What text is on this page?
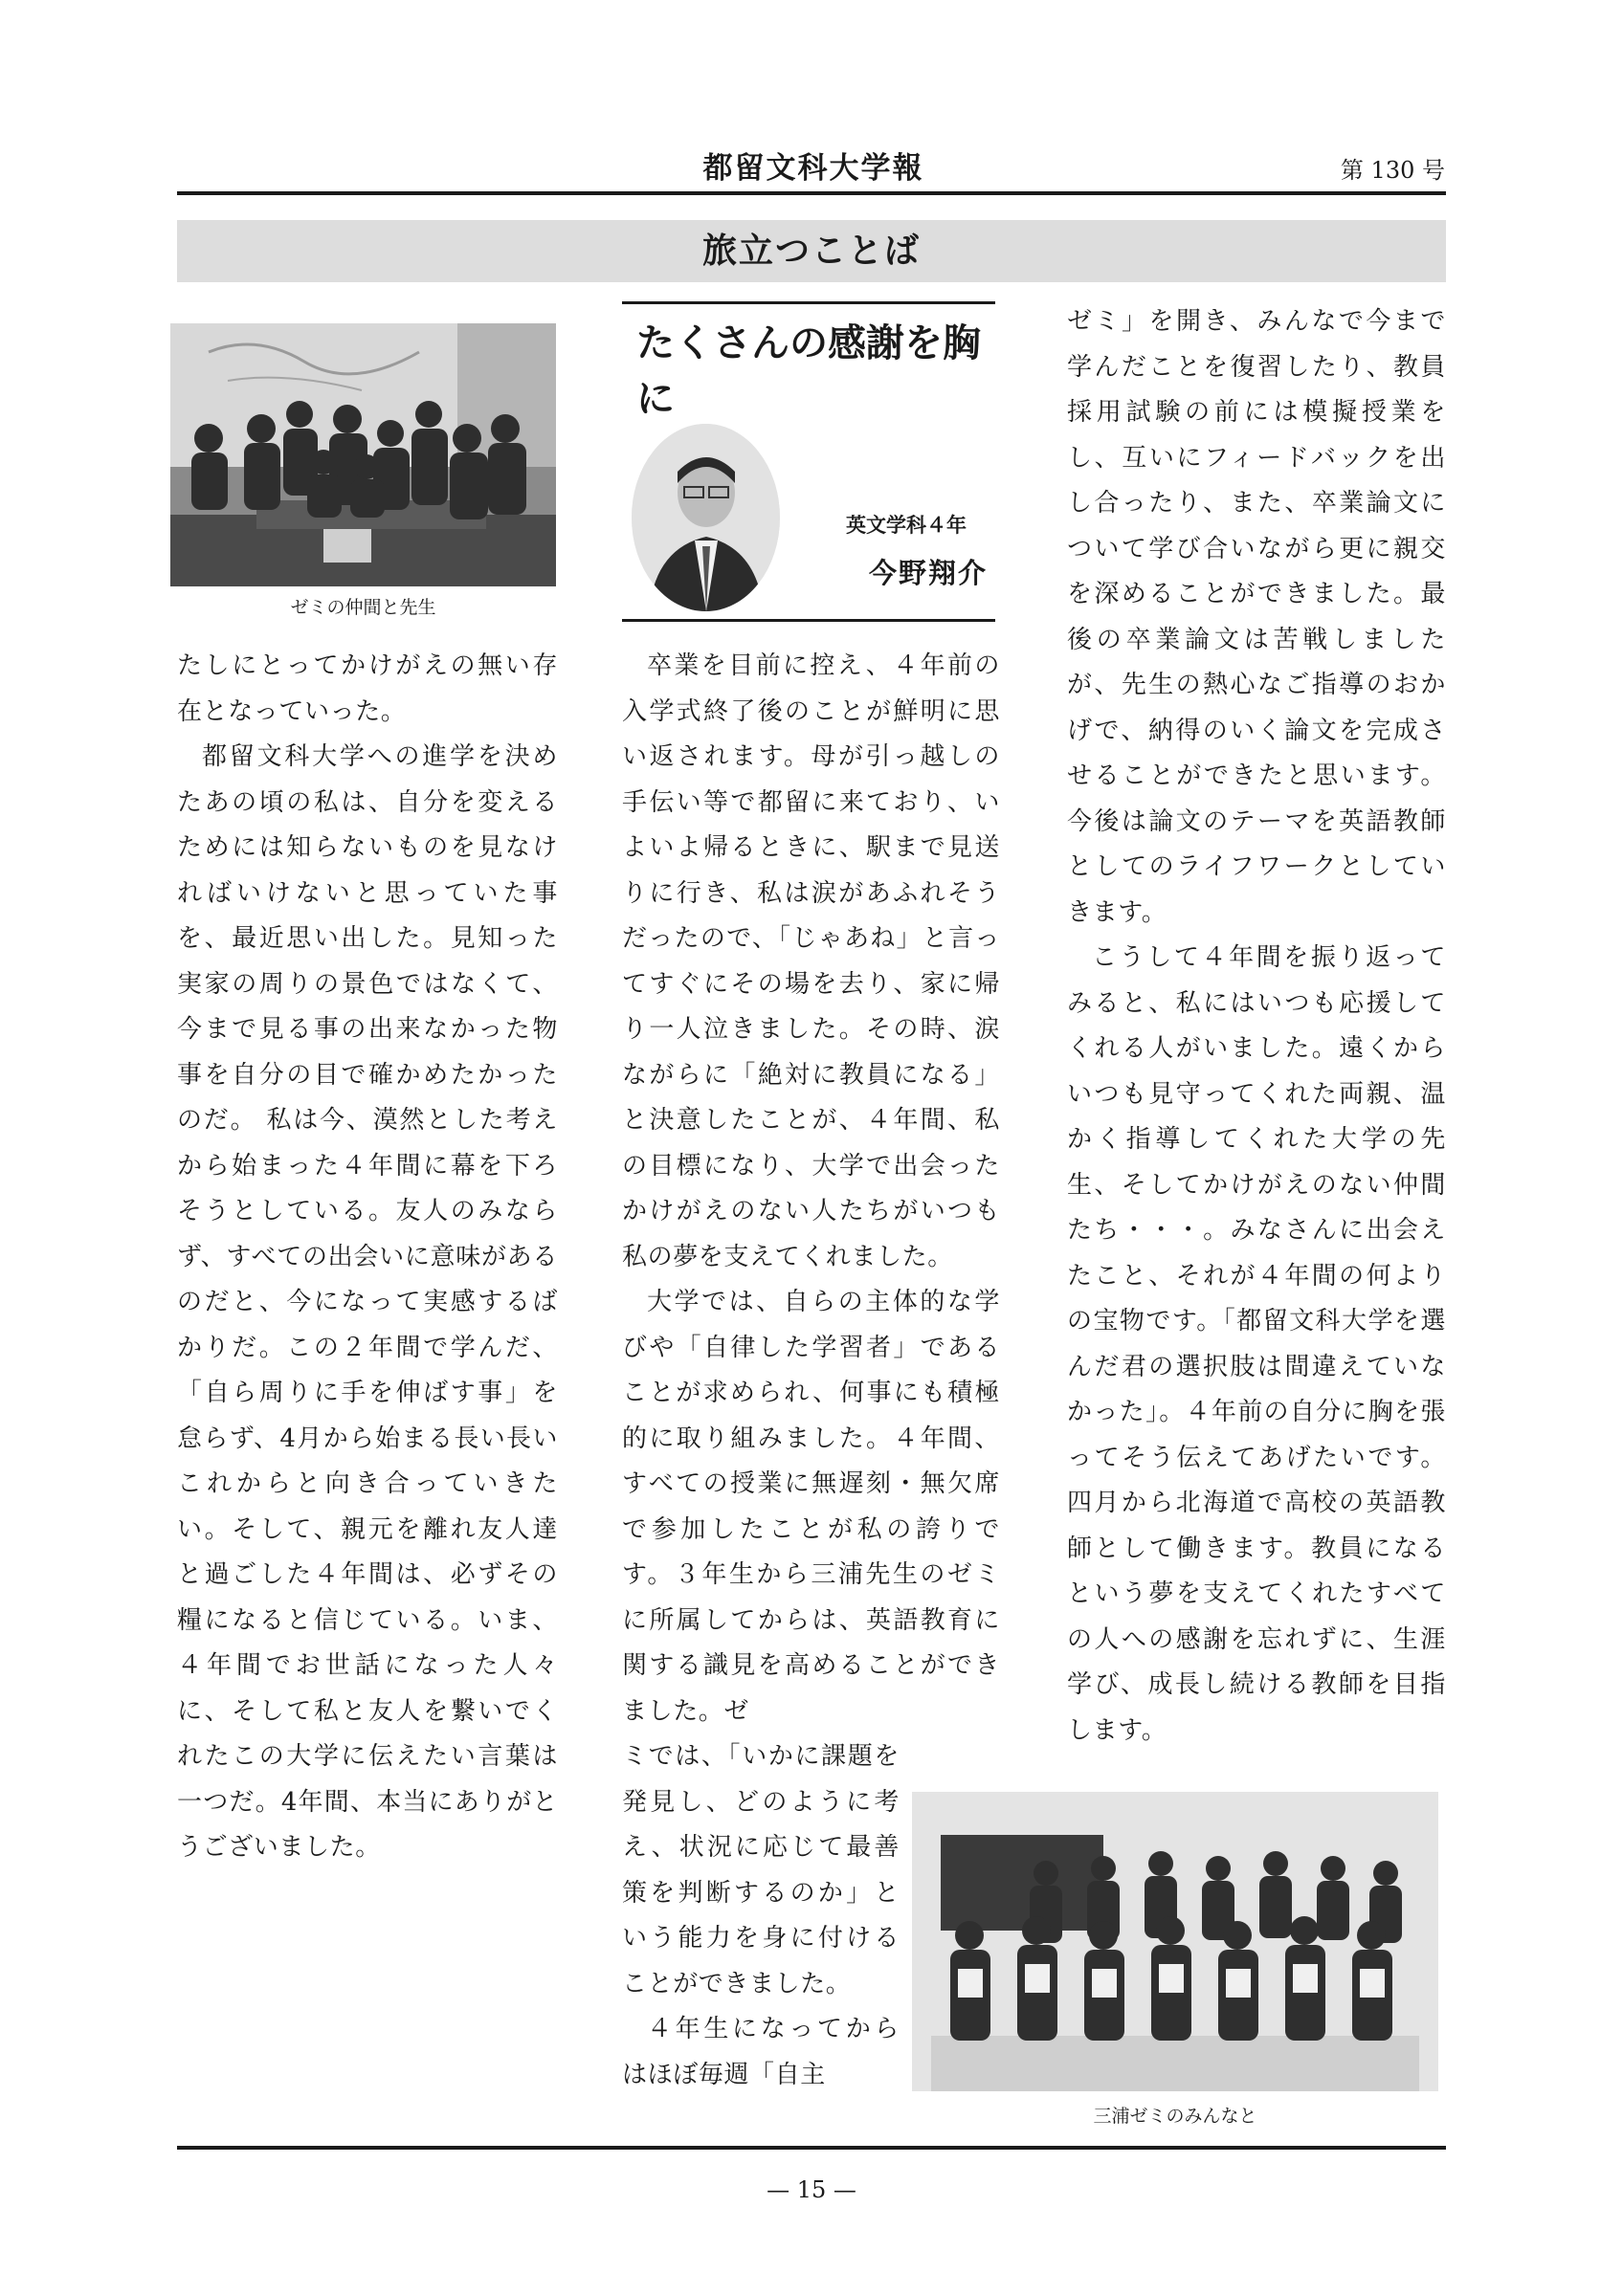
都留文科大学報	第 130 号
旅立つことば
ゼミの仲間と先生

たしにとってかけがえの無い存在となっていった。

都留文科大学への進学を決めたあの頃の私は、自分を変えるためには知らないものを見なければいけないと思っていた事を、最近思い出した。見知った実家の周りの景色ではなくて、今まで見る事の出来なかった物事を自分の目で確かめたかったのだ。 私は今、漠然とした考えから始まった４年間に幕を下ろそうとしている。友人のみならず、すべての出会いに意味があるのだと、今になって実感するばかりだ。この２年間で学んだ、「自ら周りに手を伸ばす事」を怠らず、4月から始まる長い長いこれからと向き合っていきたい。そして、親元を離れ友人達と過ごした４年間は、必ずその糧になると信じている。いま、４年間でお世話になった人々に、そして私と友人を繋いでくれたこの大学に伝えたい言葉は一つだ。4年間、本当にありがとうございました。

たくさんの感謝を胸に
英文学科４年
今野翔介

卒業を目前に控え、４年前の入学式終了後のことが鮮明に思い返されます。母が引っ越しの手伝い等で都留に来ており、いよいよ帰るときに、駅まで見送りに行き、私は涙があふれそうだったので、「じゃあね」と言ってすぐにその場を去り、家に帰り一人泣きました。その時、涙ながらに「絶対に教員になる」と決意したことが、４年間、私の目標になり、大学で出会ったかけがえのない人たちがいつも私の夢を支えてくれました。

大学では、自らの主体的な学びや「自律した学習者」であることが求められ、何事にも積極的に取り組みました。４年間、すべての授業に無遅刻・無欠席で参加したことが私の誇りです。３年生から三浦先生のゼミに所属してからは、英語教育に関する識見を高めることができました。ゼ

ミでは、「いかに課題を発見し、どのように考え、状況に応じて最善策を判断するのか」という能力を身に付けることができました。

４年生になってからはほぼ毎週「自主

ゼミ」を開き、みんなで今まで学んだことを復習したり、教員採用試験の前には模擬授業をし、互いにフィードバックを出し合ったり、また、卒業論文について学び合いながら更に親交を深めることができました。最後の卒業論文は苦戦しましたが、先生の熱心なご指導のおかげで、納得のいく論文を完成させることができたと思います。今後は論文のテーマを英語教師としてのライフワークとしていきます。

こうして４年間を振り返ってみると、私にはいつも応援してくれる人がいました。遠くからいつも見守ってくれた両親、温かく指導してくれた大学の先生、そしてかけがえのない仲間たち・・・。みなさんに出会えたこと、それが４年間の何よりの宝物です。「都留文科大学を選んだ君の選択肢は間違えていなかった」。４年前の自分に胸を張ってそう伝えてあげたいです。四月から北海道で高校の英語教師として働きます。教員になるという夢を支えてくれたすべての人への感謝を忘れずに、生涯学び、成長し続ける教師を目指します。

三浦ゼミのみんなと
— 15 —
